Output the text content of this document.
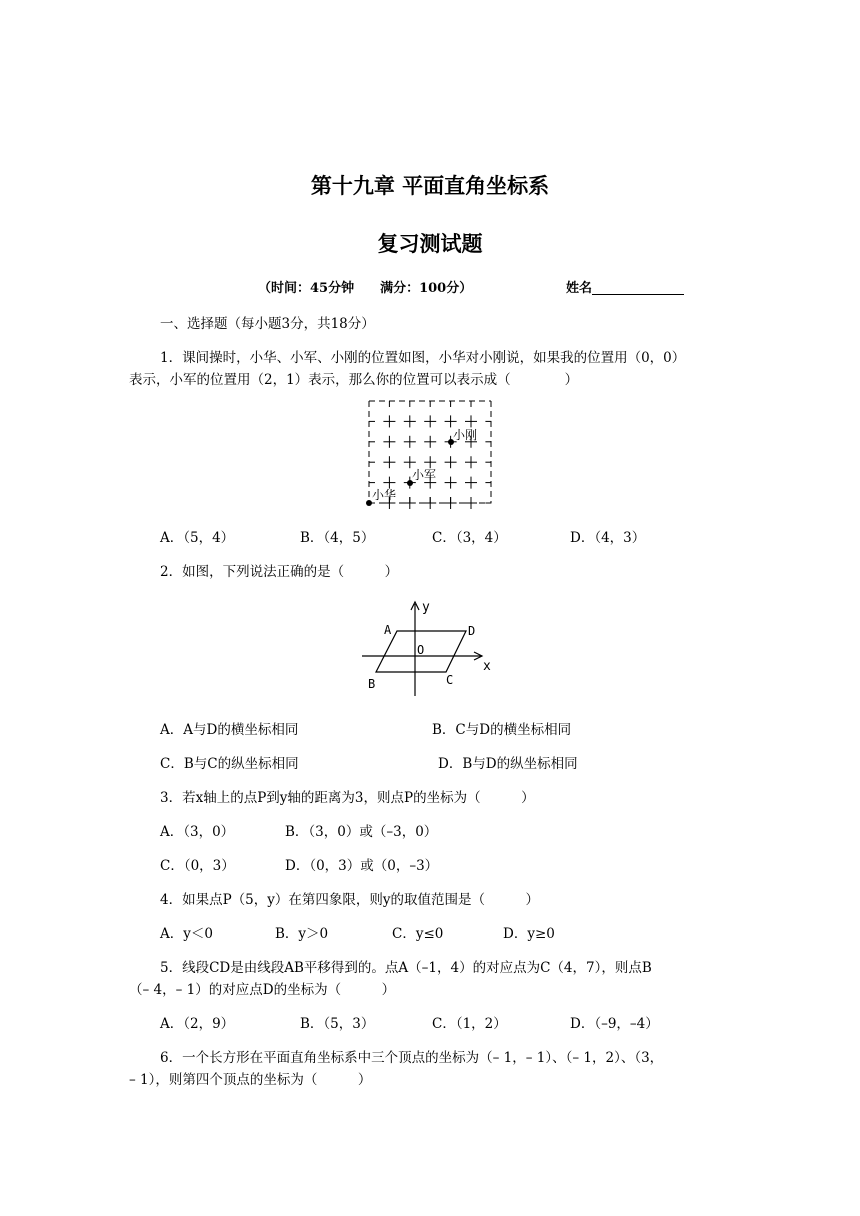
第十九章 平面直角坐标系
复习测试题
（时间：45分钟　　满分：100分）	姓名
一、选择题（每小题3分，共18分）
1．课间操时，小华、小军、小刚的位置如图，小华对小刚说，如果我的位置用（0，0）
表示，小军的位置用（2，1）表示，那么你的位置可以表示成（　　　　）
小刚
小军
小华
A．（5，4）	B．（4，5）	C．（3，4）	D．（4，3）
2．如图，下列说法正确的是（　　　）
y
x
A	D
O
B	C
A．A与D的横坐标相同	B．C与D的横坐标相同
C．B与C的纵坐标相同	D．B与D的纵坐标相同
3．若x轴上的点P到y轴的距离为3，则点P的坐标为（　　　）
A．（3，0）	B．（3，0）或（–3，0）
C．（0，3）	D．（0，3）或（0，–3）
4．如果点P（5，y）在第四象限，则y的取值范围是（　　　）
A．y＜0	B．y＞0	C．y≤0	D．y≥0
5．线段CD是由线段AB平移得到的。点A（–1，4）的对应点为C（4，7），则点B
（– 4，– 1）的对应点D的坐标为（　　　）
A．（2，9）	B．（5，3）	C．（1，2）	D．（–9，–4）
6．一个长方形在平面直角坐标系中三个顶点的坐标为（– 1，– 1）、（– 1，2）、（3，
– 1），则第四个顶点的坐标为（　　　）
